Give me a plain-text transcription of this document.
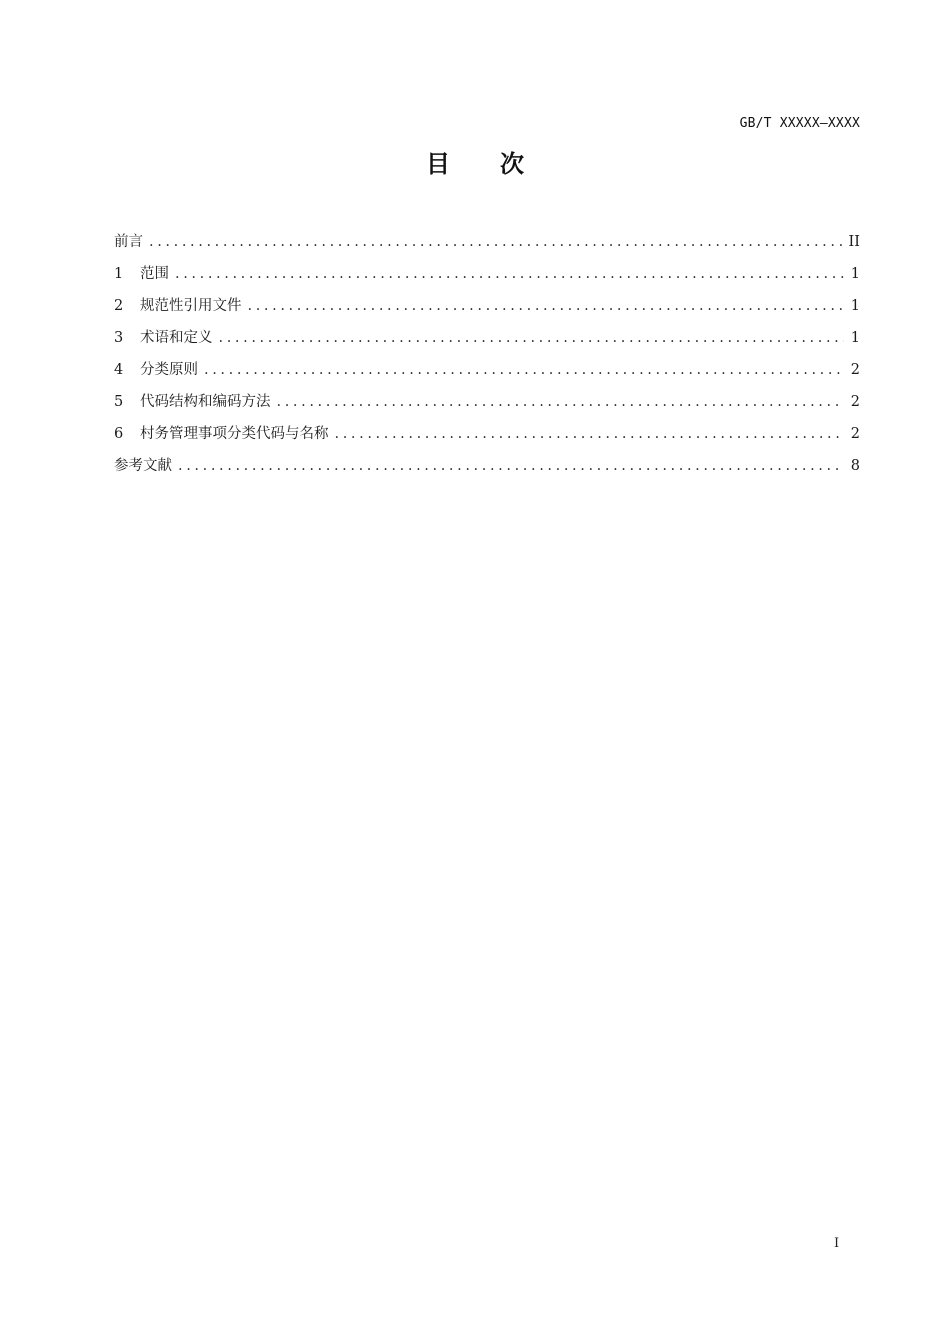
GB/T XXXXX—XXXX
目 次
前言 .....	II
1	范围 .....	1
2	规范性引用文件 .....	1
3	术语和定义 .....	1
4	分类原则 .....	2
5	代码结构和编码方法 .....	2
6	村务管理事项分类代码与名称 .....	2
参考文献 .....	8
I
